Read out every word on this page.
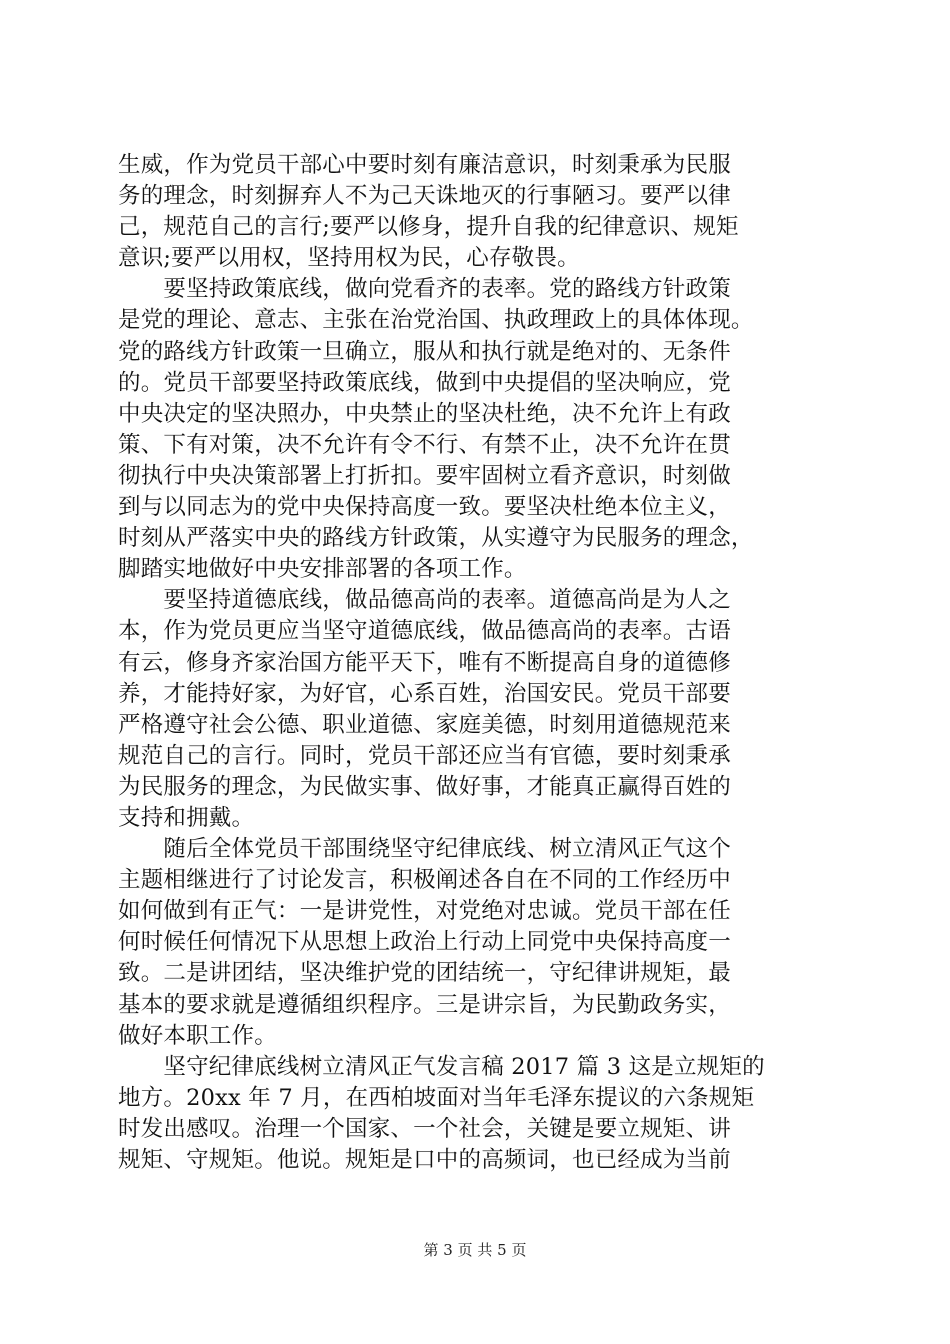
生威，作为党员干部心中要时刻有廉洁意识，时刻秉承为民服
务的理念，时刻摒弃人不为己天诛地灭的行事陋习。要严以律
己，规范自己的言行;要严以修身，提升自我的纪律意识、规矩
意识;要严以用权，坚持用权为民，心存敬畏。
　　要坚持政策底线，做向党看齐的表率。党的路线方针政策
是党的理论、意志、主张在治党治国、执政理政上的具体体现。
党的路线方针政策一旦确立，服从和执行就是绝对的、无条件
的。党员干部要坚持政策底线，做到中央提倡的坚决响应，党
中央决定的坚决照办，中央禁止的坚决杜绝，决不允许上有政
策、下有对策，决不允许有令不行、有禁不止，决不允许在贯
彻执行中央决策部署上打折扣。要牢固树立看齐意识，时刻做
到与以同志为的党中央保持高度一致。要坚决杜绝本位主义，
时刻从严落实中央的路线方针政策，从实遵守为民服务的理念，
脚踏实地做好中央安排部署的各项工作。
　　要坚持道德底线，做品德高尚的表率。道德高尚是为人之
本，作为党员更应当坚守道德底线，做品德高尚的表率。古语
有云，修身齐家治国方能平天下，唯有不断提高自身的道德修
养，才能持好家，为好官，心系百姓，治国安民。党员干部要
严格遵守社会公德、职业道德、家庭美德，时刻用道德规范来
规范自己的言行。同时，党员干部还应当有官德，要时刻秉承
为民服务的理念，为民做实事、做好事，才能真正赢得百姓的
支持和拥戴。
　　随后全体党员干部围绕坚守纪律底线、树立清风正气这个
主题相继进行了讨论发言，积极阐述各自在不同的工作经历中
如何做到有正气：一是讲党性，对党绝对忠诚。党员干部在任
何时候任何情况下从思想上政治上行动上同党中央保持高度一
致。二是讲团结，坚决维护党的团结统一，守纪律讲规矩，最
基本的要求就是遵循组织程序。三是讲宗旨，为民勤政务实，
做好本职工作。
　　坚守纪律底线树立清风正气发言稿 2017 篇 3 这是立规矩的
地方。20xx 年 7 月，在西柏坡面对当年毛泽东提议的六条规矩
时发出感叹。治理一个国家、一个社会，关键是要立规矩、讲
规矩、守规矩。他说。规矩是口中的高频词，也已经成为当前
第 3 页 共 5 页
